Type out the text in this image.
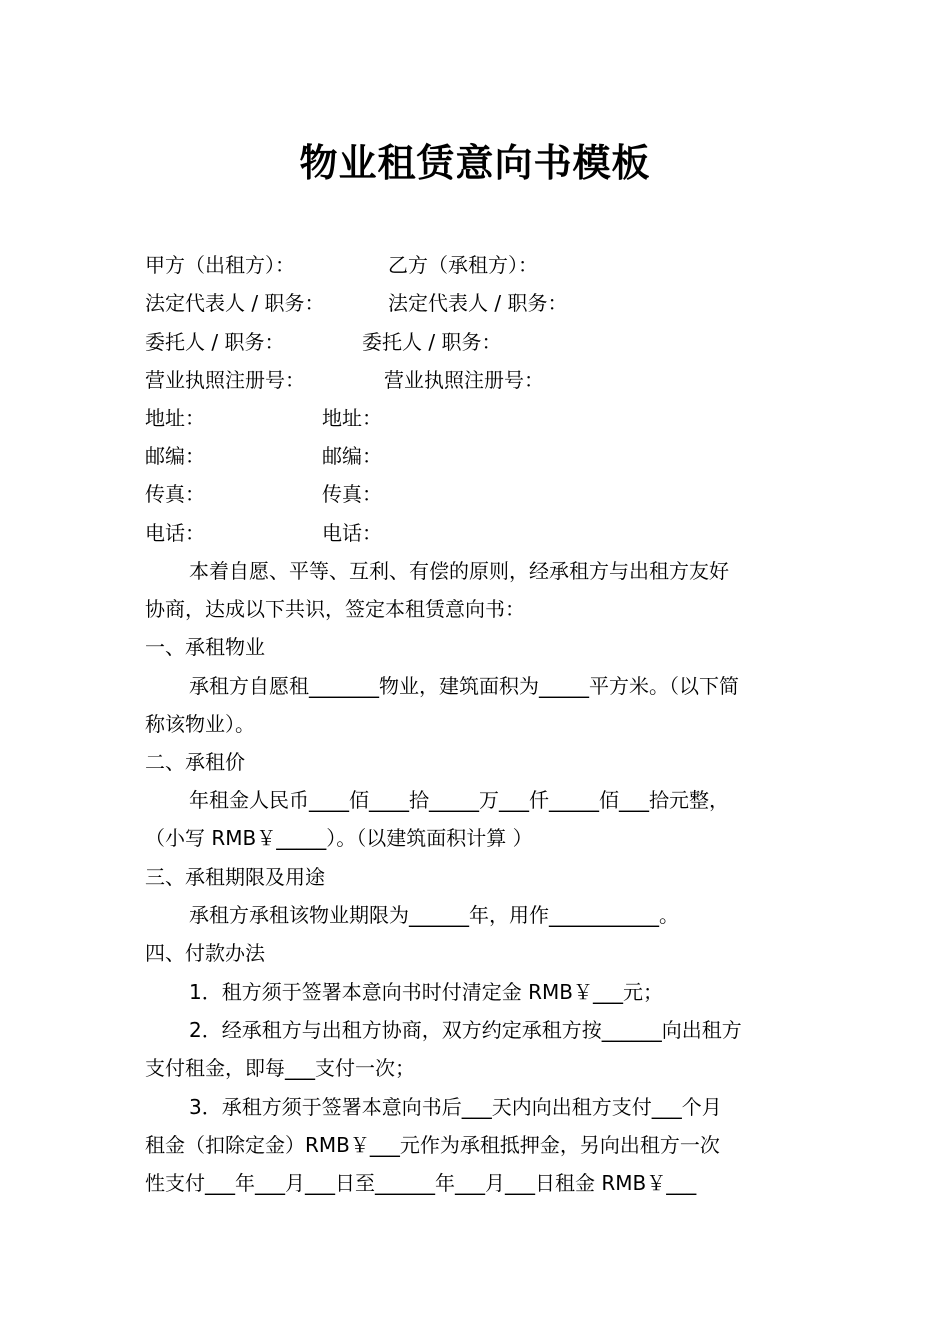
物业租赁意向书模板
甲方（出租方）：	乙方（承租方）：
法定代表人 / 职务：	法定代表人 / 职务：
委托人 / 职务：	委托人 / 职务：
营业执照注册号：	营业执照注册号：
地址：	地址：
邮编：	邮编：
传真：	传真：
电话：	电话：
本着自愿、平等、互利、有偿的原则，经承租方与出租方友好
协商，达成以下共识，签定本租赁意向书：
一、承租物业
承租方自愿租_______物业，建筑面积为_____平方米。（以下简
称该物业）。
二、承租价
年租金人民币____佰____拾_____万___仟_____佰___拾元整，
（小写 RMB￥_____）。（以建筑面积计算 ）
三、承租期限及用途
承租方承租该物业期限为______年，用作___________。
四、付款办法
1．租方须于签署本意向书时付清定金 RMB￥___元；
2．经承租方与出租方协商，双方约定承租方按______向出租方
支付租金，即每___支付一次；
3．承租方须于签署本意向书后___天内向出租方支付___个月
租金（扣除定金）RMB￥___元作为承租抵押金，另向出租方一次
性支付___年___月___日至______年___月___日租金 RMB￥___
